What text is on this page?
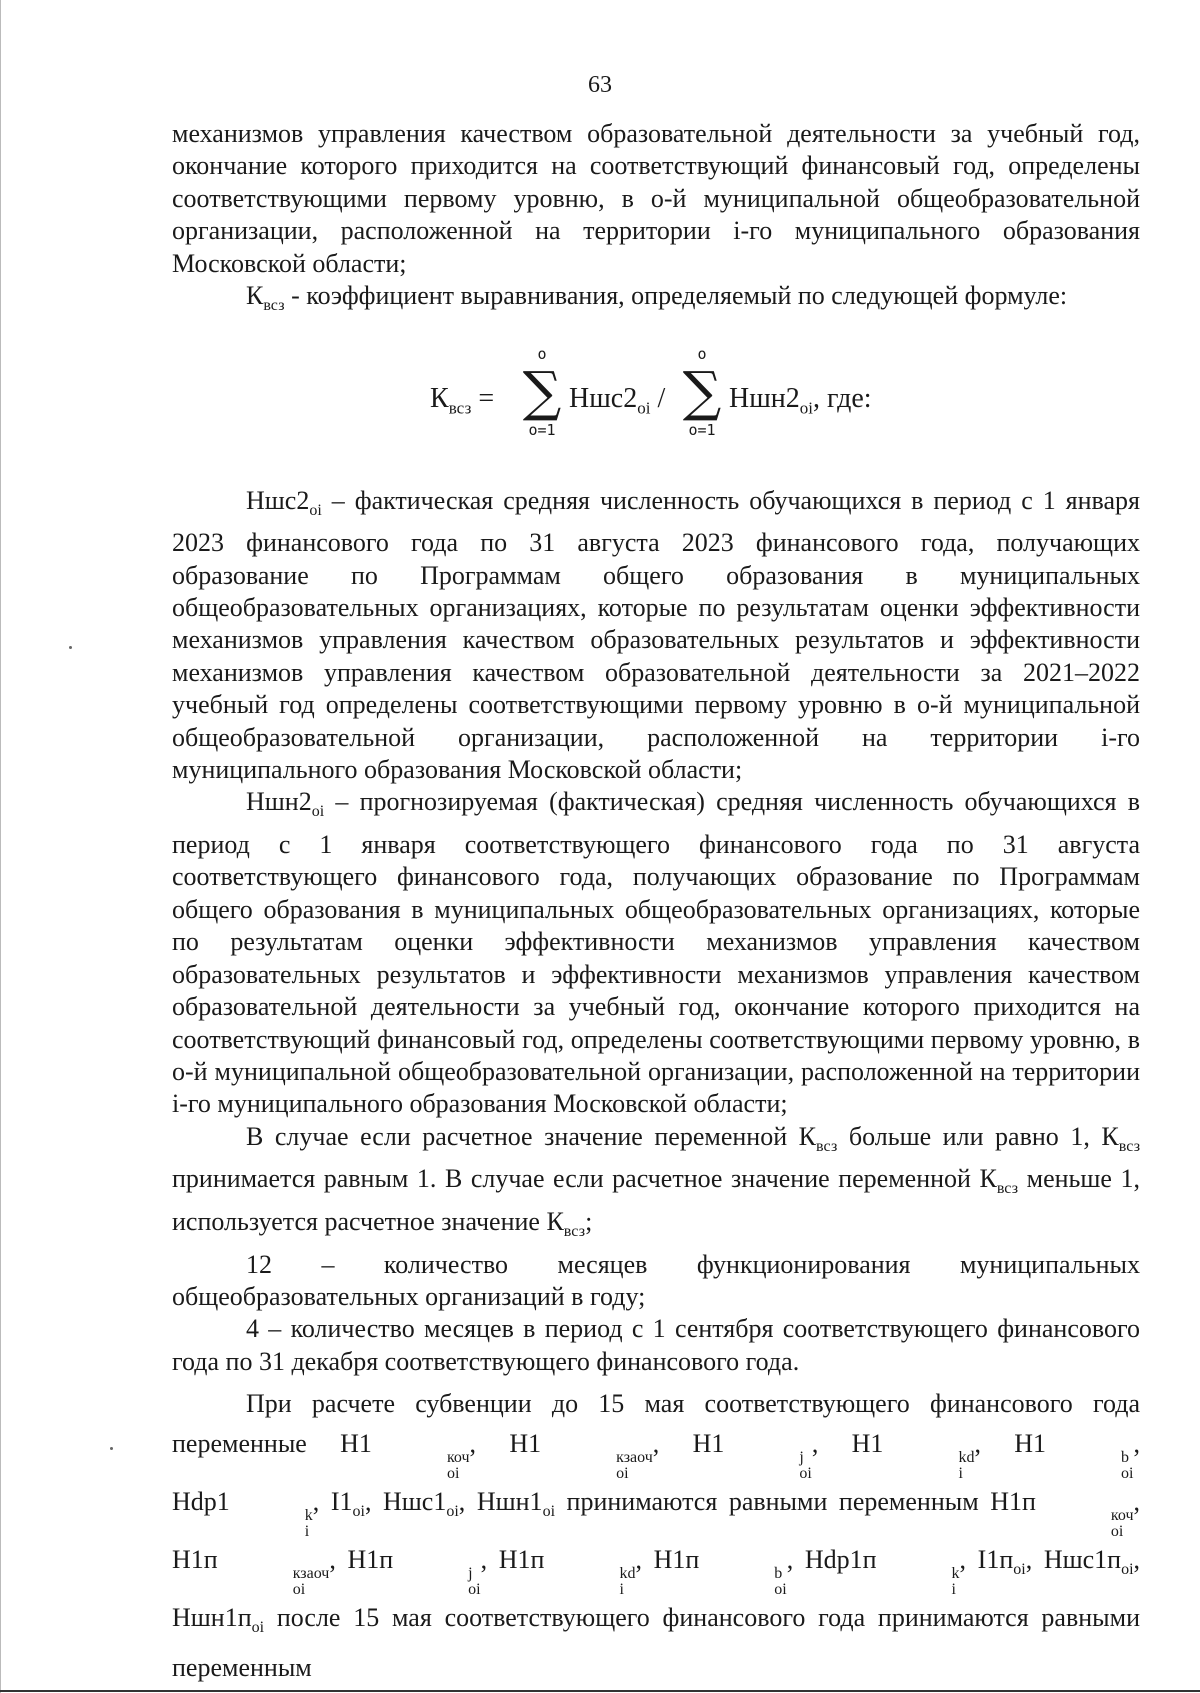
63

механизмов управления качеством образовательной деятельности за учебный год, окончание которого приходится на соответствующий финансовый год, определены соответствующими первому уровню, в о-й муниципальной общеобразовательной организации, расположенной на территории i-го муниципального образования Московской области;

$К_{всз}$ - коэффициент выравнивания, определяемый по следующей формуле:

$К_{всз}$ =
о
∑
о=1
$Ншс2_{оi}$ /
о
∑
о=1
$Ншн2_{оi}$, где:

$Ншс2_{оi}$ – фактическая средняя численность обучающихся в период с 1 января 2023 финансового года по 31 августа 2023 финансового года, получающих образование по Программам общего образования в муниципальных общеобразовательных организациях, которые по результатам оценки эффективности механизмов управления качеством образовательных результатов и эффективности механизмов управления качеством образовательной деятельности за 2021–2022 учебный год определены соответствующими первому уровню в о-й муниципальной общеобразовательной организации, расположенной на территории i-го муниципального образования Московской области;

$Ншн2_{оi}$ – прогнозируемая (фактическая) средняя численность обучающихся в период с 1 января соответствующего финансового года по 31 августа соответствующего финансового года, получающих образование по Программам общего образования в муниципальных общеобразовательных организациях, которые по результатам оценки эффективности механизмов управления качеством образовательных результатов и эффективности механизмов управления качеством образовательной деятельности за учебный год, окончание которого приходится на соответствующий финансовый год, определены соответствующими первому уровню, в о-й муниципальной общеобразовательной организации, расположенной на территории i-го муниципального образования Московской области;

В случае если расчетное значение переменной $К_{всз}$ больше или равно 1, $К_{всз}$ принимается равным 1. В случае если расчетное значение переменной $К_{всз}$ меньше 1, используется расчетное значение $К_{всз}$;

12 – количество месяцев функционирования муниципальных общеобразовательных организаций в году;

4 – количество месяцев в период с 1 сентября соответствующего финансового года по 31 декабря соответствующего финансового года.

При расчете субвенции до 15 мая соответствующего финансового года переменные Н1	коч
оi
, Н1	кзаоч
оi
, Н1	j
оi
, Н1	kd
i
, Н1	b
оi
, Hdp1	k
i
, $I1_{оi}$, $Ншс1_{оi}$, $Ншн1_{оi}$ принимаются равными переменным Н1п	коч
оi
, Н1п	кзаоч
оi
, Н1п	j
оi
, Н1п	kd
i
, Н1п	b
оi
, Hdp1п	k
i
, $I1п_{оi}$, $Ншс1п_{оi}$, $Ншн1п_{оi}$ после 15 мая соответствующего финансового года принимаются равными переменным
